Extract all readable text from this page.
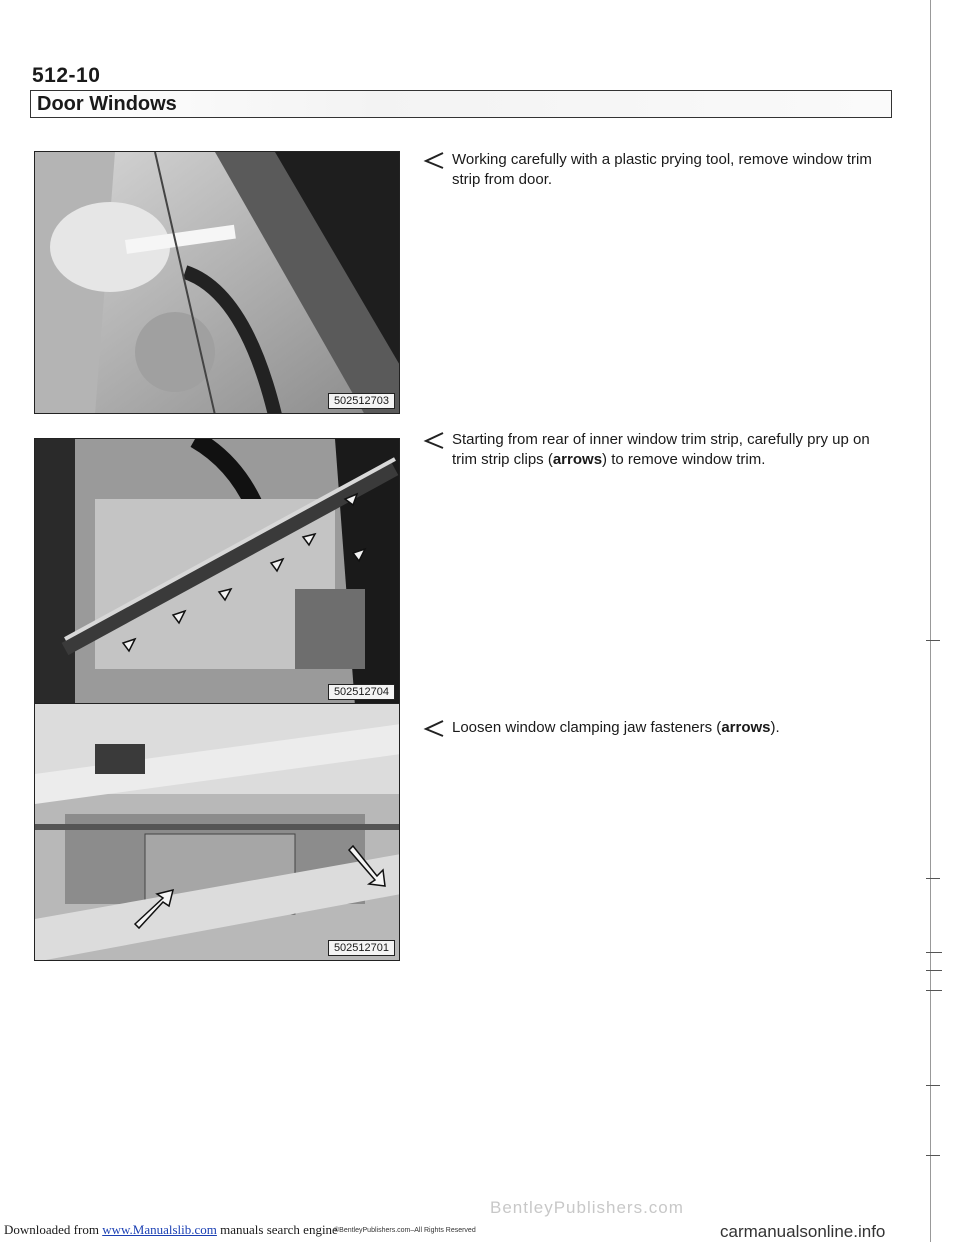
512-10
Door Windows
502512703
502512704
502512701
Working carefully with a plastic prying tool, remove window trim strip from door.
Starting from rear of inner window trim strip, carefully pry up on trim strip clips (arrows) to remove window trim.
Loosen window clamping jaw fasteners (arrows).
BentleyPublishers.com
Downloaded from www.Manualslib.com manuals search engine
©BentleyPublishers.com–All Rights Reserved	carmanualsonline.info
